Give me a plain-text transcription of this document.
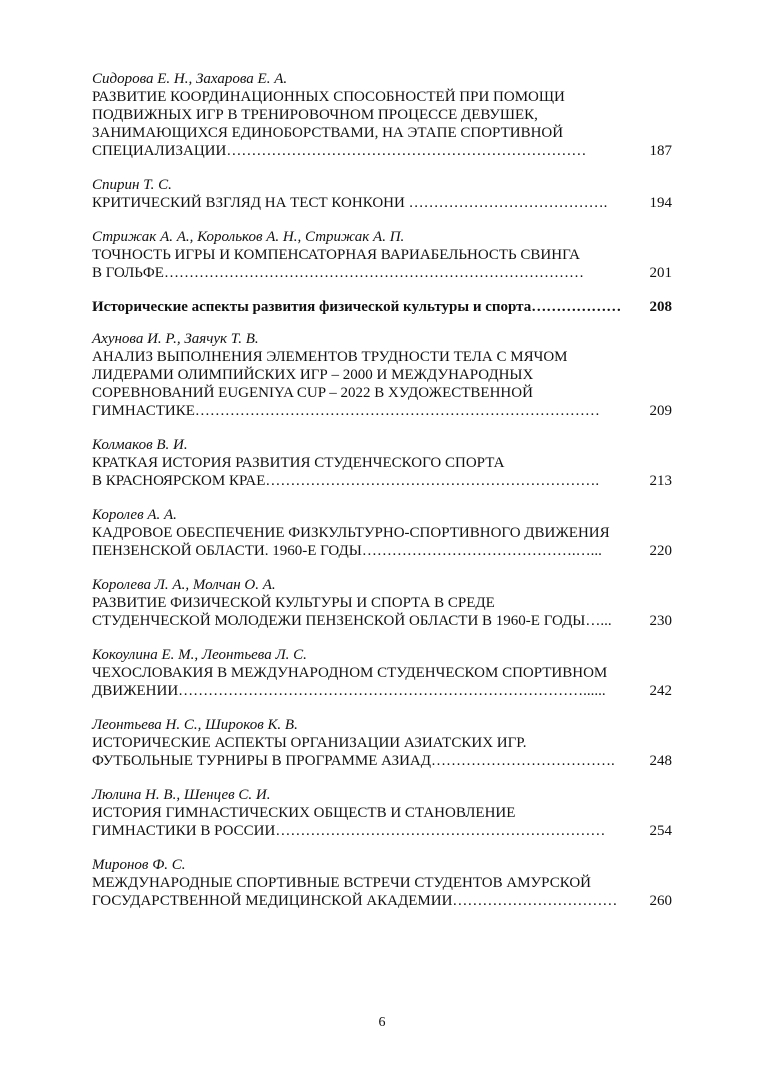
Сидорова Е. Н., Захарова Е. А.
РАЗВИТИЕ КООРДИНАЦИОННЫХ СПОСОБНОСТЕЙ ПРИ ПОМОЩИ
ПОДВИЖНЫХ ИГР В ТРЕНИРОВОЧНОМ ПРОЦЕССЕ ДЕВУШЕК,
ЗАНИМАЮЩИХСЯ ЕДИНОБОРСТВАМИ, НА ЭТАПЕ СПОРТИВНОЙ
СПЕЦИАЛИЗАЦИИ………………………………………………………………	187
Спирин Т. С.
КРИТИЧЕСКИЙ ВЗГЛЯД НА ТЕСТ КОНКОНИ ………………………………….	194
Стрижак А. А., Корольков А. Н., Стрижак А. П.
ТОЧНОСТЬ ИГРЫ И КОМПЕНСАТОРНАЯ ВАРИАБЕЛЬНОСТЬ СВИНГА
В ГОЛЬФЕ…………………………………………………………………………	201
Исторические аспекты развития физической культуры и спорта………………	208
Ахунова И. Р., Заячук Т. В.
АНАЛИЗ ВЫПОЛНЕНИЯ ЭЛЕМЕНТОВ ТРУДНОСТИ ТЕЛА С МЯЧОМ
ЛИДЕРАМИ ОЛИМПИЙСКИХ ИГР – 2000 И МЕЖДУНАРОДНЫХ
СОРЕВНОВАНИЙ EUGENIYA CUP – 2022 В ХУДОЖЕСТВЕННОЙ
ГИМНАСТИКЕ………………………………………………………………………	209
Колмаков В. И.
КРАТКАЯ ИСТОРИЯ РАЗВИТИЯ СТУДЕНЧЕСКОГО СПОРТА
В КРАСНОЯРСКОМ КРАЕ………………………………………………………….	213
Королев А. А.
КАДРОВОЕ ОБЕСПЕЧЕНИЕ ФИЗКУЛЬТУРНО-СПОРТИВНОГО ДВИЖЕНИЯ
ПЕНЗЕНСКОЙ ОБЛАСТИ. 1960-Е ГОДЫ…………………………………….…...	220
Королева Л. А., Молчан О. А.
РАЗВИТИЕ ФИЗИЧЕСКОЙ КУЛЬТУРЫ И СПОРТА В СРЕДЕ
СТУДЕНЧЕСКОЙ МОЛОДЕЖИ ПЕНЗЕНСКОЙ ОБЛАСТИ В 1960-Е ГОДЫ…...	230
Кокоулина Е. М., Леонтьева Л. С.
ЧЕХОСЛОВАКИЯ В МЕЖДУНАРОДНОМ СТУДЕНЧЕСКОМ СПОРТИВНОМ
ДВИЖЕНИИ………………………………………………………………………......	242
Леонтьева Н. С., Широков К. В.
ИСТОРИЧЕСКИЕ АСПЕКТЫ ОРГАНИЗАЦИИ АЗИАТСКИХ ИГР.
ФУТБОЛЬНЫЕ ТУРНИРЫ В ПРОГРАММЕ АЗИАД……………………………….	248
Люлина Н. В., Шенцев С. И.
ИСТОРИЯ ГИМНАСТИЧЕСКИХ ОБЩЕСТВ И СТАНОВЛЕНИЕ
ГИМНАСТИКИ В РОССИИ…………………………………………………………	254
Миронов Ф. С.
МЕЖДУНАРОДНЫЕ СПОРТИВНЫЕ ВСТРЕЧИ СТУДЕНТОВ АМУРСКОЙ
ГОСУДАРСТВЕННОЙ МЕДИЦИНСКОЙ АКАДЕМИИ……………………………	260
6
